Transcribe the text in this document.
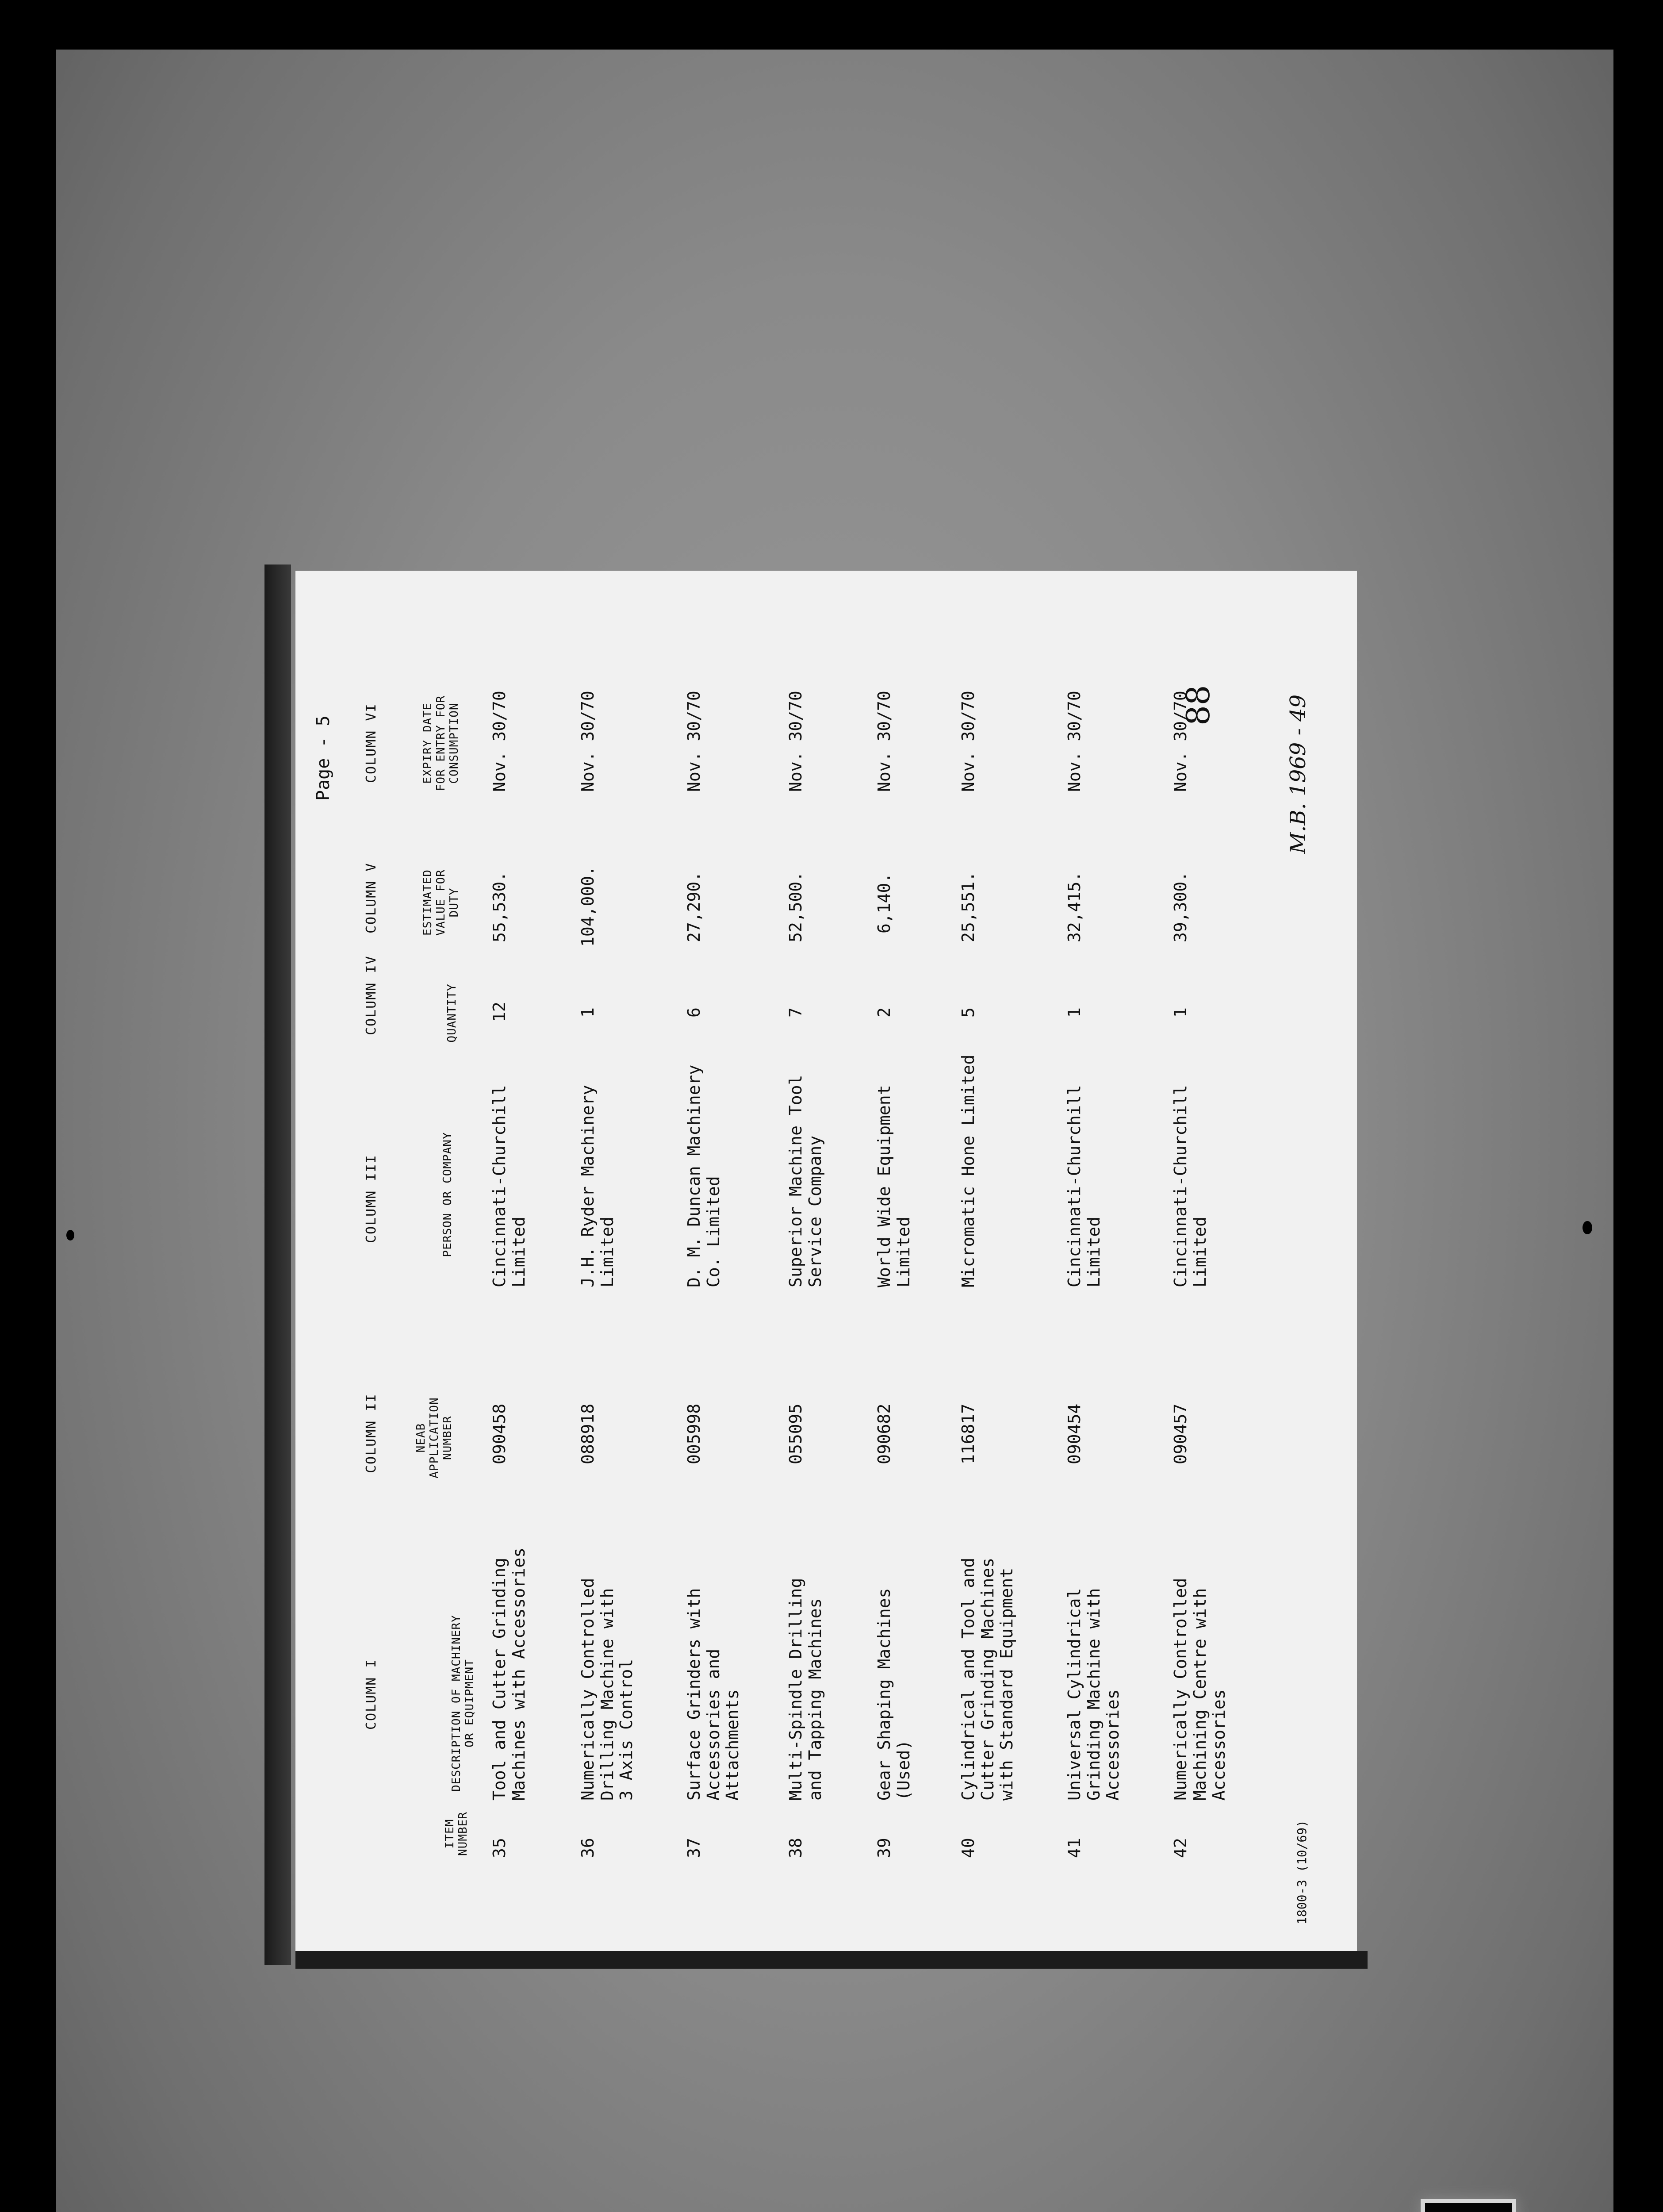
Page - 5
88
COLUMN I
COLUMN II
COLUMN III
COLUMN IV
COLUMN V
COLUMN VI
ITEM
NUMBER
DESCRIPTION OF MACHINERY
OR EQUIPMENT
NEAB
APPLICATION
NUMBER
PERSON OR COMPANY
QUANTITY
ESTIMATED
VALUE FOR
DUTY
EXPIRY DATE
FOR ENTRY FOR
CONSUMPTION
35
Tool and Cutter Grinding
Machines with Accessories
090458
Cincinnati-Churchill
Limited
12
55,530.
Nov. 30/70
36
Numerically Controlled
Drilling Machine with
3 Axis Control
088918
J.H. Ryder Machinery
Limited
1
104,000.
Nov. 30/70
37
Surface Grinders with
Accessories and
Attachments
005998
D. M. Duncan Machinery
Co. Limited
6
27,290.
Nov. 30/70
38
Multi-Spindle Drilling
and Tapping Machines
055095
Superior Machine Tool
Service Company
7
52,500.
Nov. 30/70
39
Gear Shaping Machines
(Used)
090682
World Wide Equipment
Limited
2
6,140.
Nov. 30/70
40
Cylindrical and Tool and
Cutter Grinding Machines
with Standard Equipment
116817
Micromatic Hone Limited
5
25,551.
Nov. 30/70
41
Universal Cylindrical
Grinding Machine with
Accessories
090454
Cincinnati-Churchill
Limited
1
32,415.
Nov. 30/70
42
Numerically Controlled
Machining Centre with
Accessories
090457
Cincinnati-Churchill
Limited
1
39,300.
Nov. 30/70
1800-3 (10/69)
M.B. 1969 - 49
